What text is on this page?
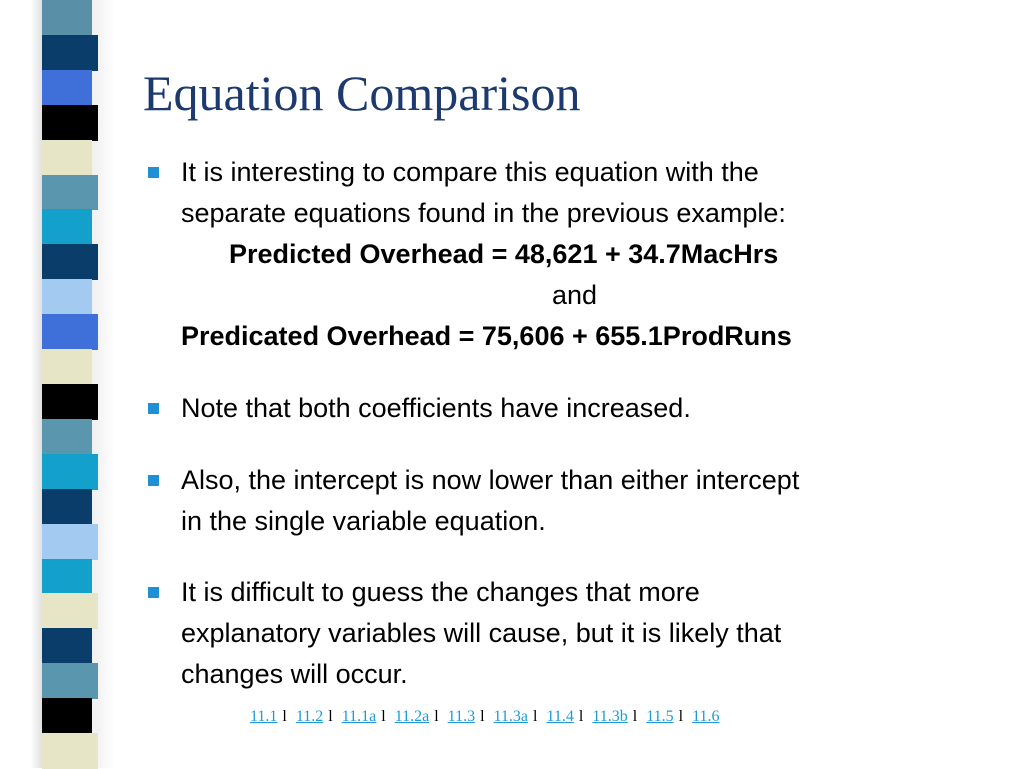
Equation Comparison
It is interesting to compare this equation with the
separate equations found in the previous example:
Predicted Overhead = 48,621 + 34.7MacHrs
and
Predicated Overhead = 75,606 + 655.1ProdRuns
Note that both coefficients have increased.
Also, the intercept is now lower than either intercept
in the single variable equation.
It is difficult to guess the changes that more
explanatory variables will cause, but it is likely that
changes will occur.
11.1 l 11.2 l 11.1a l 11.2a l 11.3 l 11.3a l 11.4 l 11.3b l 11.5 l 11.6
